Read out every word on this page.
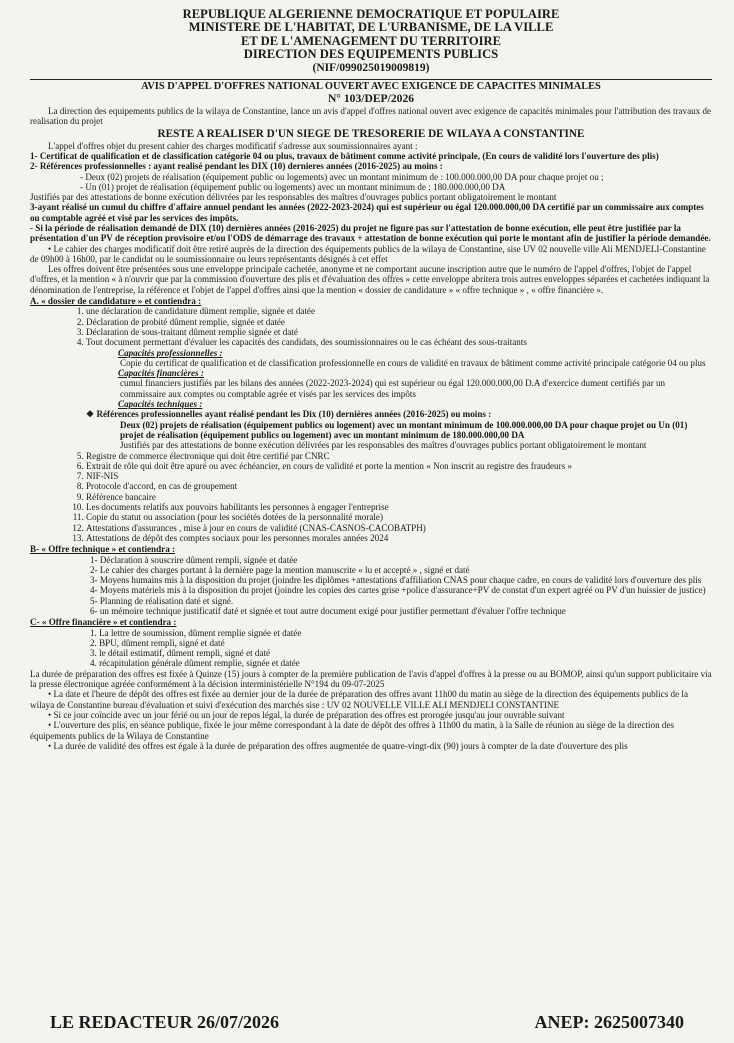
REPUBLIQUE ALGERIENNE DEMOCRATIQUE ET POPULAIRE
MINISTERE DE L'HABITAT, DE L'URBANISME, DE LA VILLE
ET DE L'AMENAGEMENT DU TERRITOIRE
DIRECTION DES EQUIPEMENTS PUBLICS
(NIF/099025019009819)
AVIS D'APPEL D'OFFRES NATIONAL OUVERT AVEC EXIGENCE DE CAPACITES MINIMALES
N° 103/DEP/2026

La direction des equipements publics de la wilaya de Constantine, lance un avis d'appel d'offres national ouvert avec exigence de capacités minimales pour l'attribution des travaux de realisation du projet

RESTE A REALISER D'UN SIEGE DE TRESORERIE DE WILAYA A CONSTANTINE

L'appel d'offres objet du present cahier des charges modificatif s'adresse aux soumissionnaires ayant :

1- Certificat de qualification et de classification catégorie 04 ou plus, travaux de bâtiment comme activité principale, (En cours de validité lors l'ouverture des plis)

2- Références professionnelles : ayant realisé pendant les DIX (10) dernieres années (2016-2025) au moins :

- Deux (02) projets de réalisation (équipement public ou logements) avec un montant minimum de : 100.000.000,00 DA pour chaque projet ou ;

- Un (01) projet de réalisation (équipement public ou logements) avec un montant minimum de : 180.000.000,00 DA

Justifiés par des attestations de bonne exécution délivrées par les responsables des maîtres d'ouvrages publics portant obligatoirement le montant

3-ayant réalisé un cumul du chiffre d'affaire annuel pendant les années (2022-2023-2024) qui est supérieur ou égal 120.000.000,00 DA certifié par un commissaire aux comptes ou comptable agréé et visé par les services des impôts.

- Si la période de réalisation demandé de DIX (10) dernières années (2016-2025) du projet ne figure pas sur l'attestation de bonne exécution, elle peut être justifiée par la présentation d'un PV de réception provisoire et/ou l'ODS de démarrage des travaux + attestation de bonne exécution qui porte le montant afin de justifier la période demandée.

• Le cahier des charges modificatif doit être retiré auprès de la direction des équipements publics de la wilaya de Constantine, sise UV 02 nouvelle ville Ali MENDJELI-Constantine de 09h00 à 16h00, par le candidat ou le soumissionnaire ou leurs représentants désignés à cet effet

Les offres doivent être présentées sous une enveloppe principale cachetée, anonyme et ne comportant aucune inscription autre que le numéro de l'appel d'offres, l'objet de l'appel d'offres, et la mention « à n'ouvrir que par la commission d'ouverture des plis et d'évaluation des offres » cette enveloppe abritera trois autres enveloppes séparées et cachetées indiquant la dénomination de l'entreprise, la référence et l'objet de l'appel d'offres ainsi que la mention « dossier de candidature » « offre technique » , « offre financière ».

A. « dossier de candidature » et contiendra :
1. une déclaration de candidature dûment remplie, signée et datée
2. Déclaration de probité dûment remplie, signée et datée
3. Déclaration de sous-traitant dûment remplie signée et daté
4. Tout document permettant d'évaluer les capacités des candidats, des soumissionnaires ou le cas échéant des sous-traitants
Capacités professionnelles :

Copie du certificat de qualification et de classification professionnelle en cours de validité en travaux de bâtiment comme activité principale catégorie 04 ou plus

Capacités financières :

cumul financiers justifiés par les bilans des années (2022-2023-2024) qui est supérieur ou égal 120.000.000,00 D.A d'exercice dument certifiés par un commissaire aux comptes ou comptable agrée et visés par les services des impôts

Capacités techniques :

❖ Références professionnelles ayant réalisé pendant les Dix (10) dernières années (2016-2025) ou moins :

Deux (02) projets de réalisation (équipement publics ou logement) avec un montant minimum de 100.000.000,00 DA pour chaque projet ou Un (01) projet de réalisation (équipement publics ou logement) avec un montant minimum de 180.000.000,00 DA

Justifiés par des attestations de bonne exécution délivrées par les responsables des maîtres d'ouvrages publics portant obligatoirement le montant

5. Registre de commerce électronique qui doit être certifié par CNRC
6. Extrait de rôle qui doit être apuré ou avec échéancier, en cours de validité et porte la mention « Non inscrit au registre des fraudeurs »
7. NIF-NIS
8. Protocole d'accord, en cas de groupement
9. Référence bancaire
10. Les documents relatifs aux pouvoirs habilitants les personnes à engager l'entreprise
11. Copie du statut ou association (pour les sociétés dotées de la personnalité morale)
12. Attestations d'assurances , mise à jour en cours de validité (CNAS-CASNOS-CACOBATPH)
13. Attestations de dépôt des comptes sociaux pour les personnes morales années 2024
B- « Offre technique » et contiendra :

1- Déclaration à souscrire dûment rempli, signée et datée

2- Le cahier des charges portant à la dernière page la mention manuscrite « lu et accepté » , signé et daté

3- Moyens humains mis à la disposition du projet (joindre les diplômes +attestations d'affiliation CNAS pour chaque cadre, en cours de validité lors d'ouverture des plis

4- Moyens matériels mis à la disposition du projet (joindre les copies des cartes grise +police d'assurance+PV de constat d'un expert agréé ou PV d'un huissier de justice)

5- Planning de réalisation daté et signé.

6- un mémoire technique justificatif daté et signée et tout autre document exigé pour justifier permettant d'évaluer l'offre technique

C- « Offre financière » et contiendra :

1. La lettre de soumission, dûment remplie signée et datée

2. BPU, dûment rempli, signé et daté

3. le détail estimatif, dûment rempli, signé et daté

4. récapitulation générale dûment remplie, signée et datée

La durée de préparation des offres est fixée à Quinze (15) jours à compter de la première publication de l'avis d'appel d'offres à la presse ou au BOMOP, ainsi qu'un support publicitaire via la presse électronique agréée conformément à la décision interministérielle N°194 du 09-07-2025

• La date et l'heure de dépôt des offres est fixée au dernier jour de la durée de préparation des offres avant 11h00 du matin au siège de la direction des équipements publics de la wilaya de Constantine bureau d'évaluation et suivi d'exécution des marchés sise : UV 02 NOUVELLE VILLE ALI MENDJELI CONSTANTINE

• Si ce jour coïncide avec un jour férié ou un jour de repos légal, la durée de préparation des offres est prorogée jusqu'au jour ouvrable suivant

• L'ouverture des plis, en séance publique, fixée le jour même correspondant à la date de dépôt des offres à 11h00 du matin, à la Salle de réunion au siège de la direction des équipements publics de la Wilaya de Constantine

• La durée de validité des offres est égale à la durée de préparation des offres augmentée de quatre-vingt-dix (90) jours à compter de la date d'ouverture des plis

LE REDACTEUR 26/07/2026	ANEP: 2625007340
